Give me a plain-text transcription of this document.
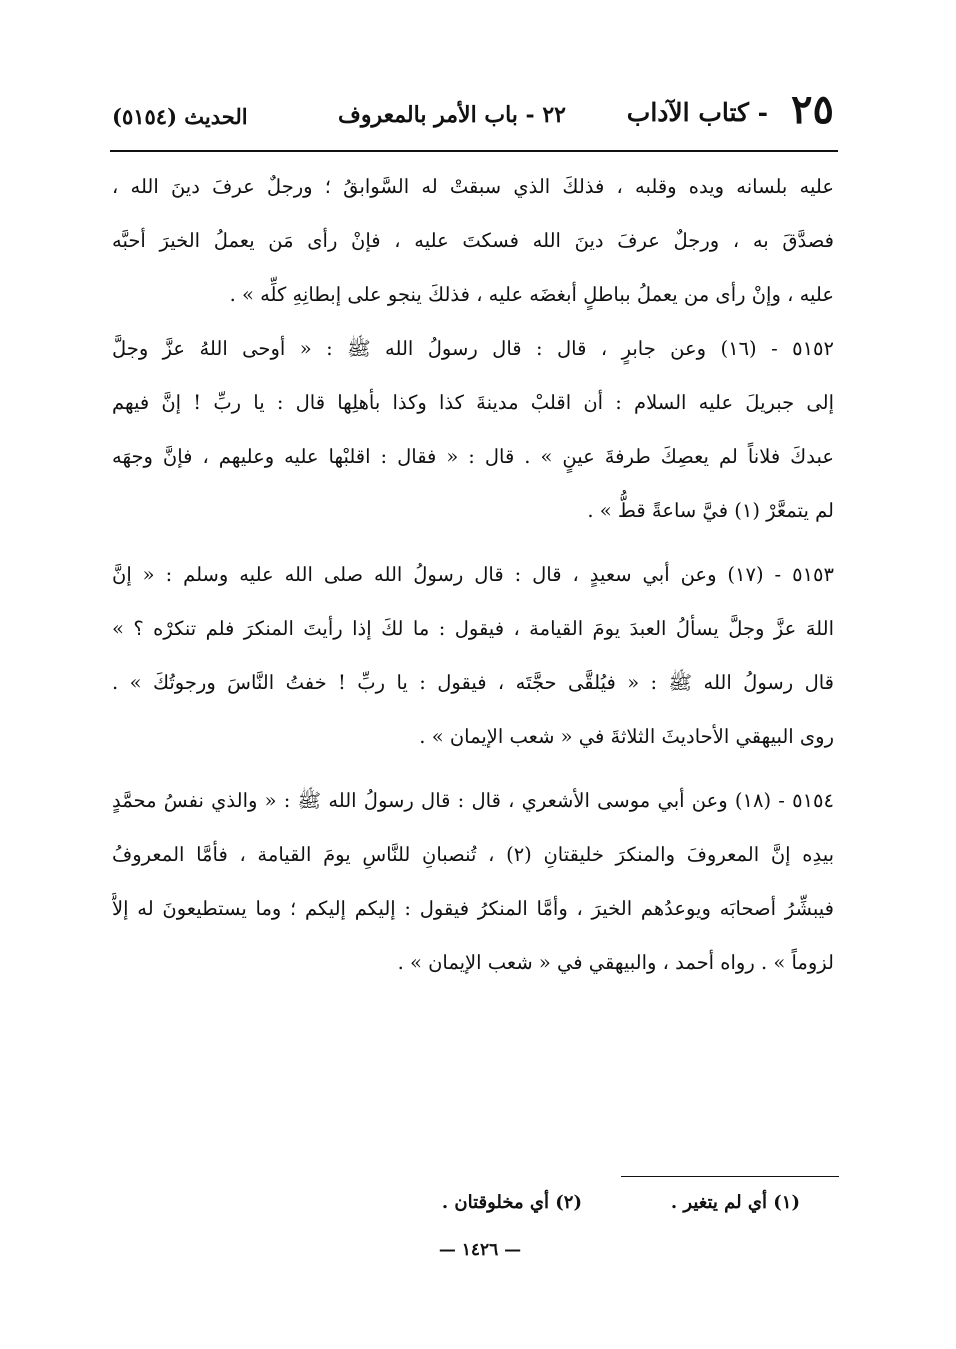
٢٥
- كتاب الآداب
٢٢ - باب الأمر بالمعروف
الحديث (٥١٥٤)
عليه بلسانه ويده وقلبه ، فذلكَ الذي سبقتْ له السَّوابقُ ؛ ورجلٌ عرفَ دينَ الله ،
فصدَّقَ به ، ورجلٌ عرفَ دينَ الله فسكتَ عليه ، فإنْ رأى مَن يعملُ الخيرَ أحبَّه
عليه ، وإنْ رأى من يعملُ بباطلٍ أبغضَه عليه ، فذلكَ ينجو على إبطانِهِ كلِّه » .
٥١٥٢ - (١٦) وعن جابرٍ ، قال : قال رسولُ الله ﷺ : « أوحى اللهُ عزَّ وجلَّ
إلى جبريلَ عليه السلام : أن اقلبْ مدينةَ كذا وكذا بأهلِها قال : يا ربِّ ! إنَّ فيهم
عبدكَ فلاناً لم يعصِكَ طرفةَ عينٍ » . قال : « فقال : اقلبْها عليه وعليهم ، فإنَّ وجهَه
لم يتمعَّرْ (١) فيَّ ساعةً قطُّ » .
٥١٥٣ - (١٧) وعن أبي سعيدٍ ، قال : قال رسولُ الله صلى الله عليه وسلم : « إنَّ
اللهَ عزَّ وجلَّ يسألُ العبدَ يومَ القيامة ، فيقول : ما لكَ إذا رأيتَ المنكرَ فلم تنكرْه ؟ »
قال رسولُ الله ﷺ : « فيُلقَّى حجَّتَه ، فيقول : يا ربِّ ! خفتُ النَّاسَ ورجوتُكَ » .
روى البيهقي الأحاديثَ الثلاثةَ في « شعب الإيمان » .
٥١٥٤ - (١٨) وعن أبي موسى الأشعري ، قال : قال رسولُ الله ﷺ : « والذي نفسُ محمَّدٍ
بيدِه إنَّ المعروفَ والمنكرَ خليقتانِ (٢) ، تُنصبانِ للنَّاسِ يومَ القيامة ، فأمَّا المعروفُ
فيبشِّرُ أصحابَه ويوعدُهم الخيرَ ، وأمَّا المنكرُ فيقول : إليكم إليكم ؛ وما يستطيعونَ له إلاَّ
لزوماً » . رواه أحمد ، والبيهقي في « شعب الإيمان » .
(١) أي لم يتغير .
(٢) أي مخلوقتان .
— ١٤٢٦ —
